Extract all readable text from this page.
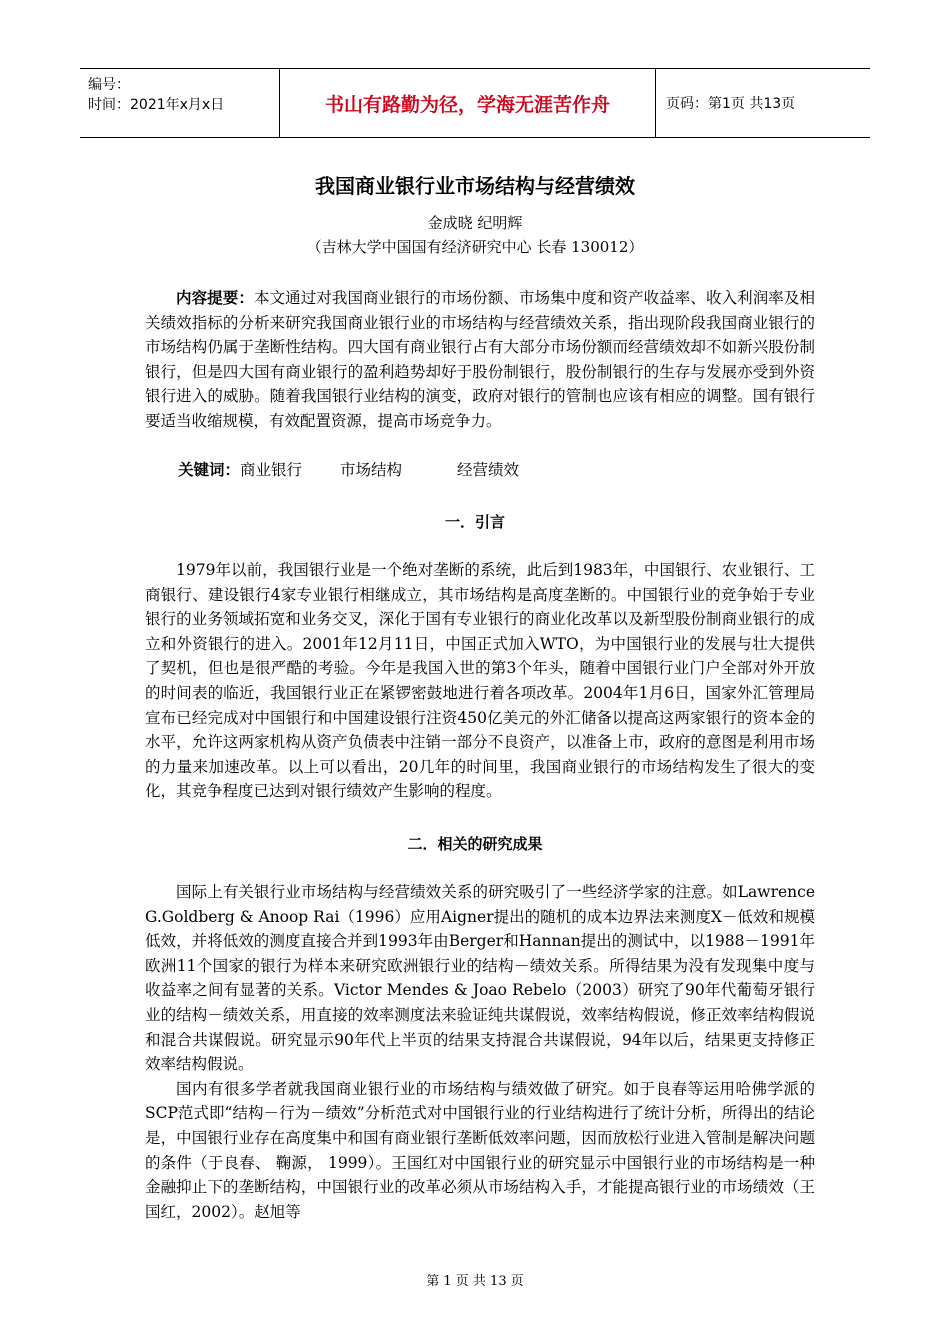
编号：
时间：2021年x月x日	书山有路勤为径，学海无涯苦作舟	页码：第1页 共13页
我国商业银行业市场结构与经营绩效
金成晓 纪明辉
（吉林大学中国国有经济研究中心 长春 130012）

内容提要：本文通过对我国商业银行的市场份额、市场集中度和资产收益率、收入利润率及相关绩效指标的分析来研究我国商业银行业的市场结构与经营绩效关系，指出现阶段我国商业银行的市场结构仍属于垄断性结构。四大国有商业银行占有大部分市场份额而经营绩效却不如新兴股份制银行，但是四大国有商业银行的盈利趋势却好于股份制银行，股份制银行的生存与发展亦受到外资银行进入的威胁。随着我国银行业结构的演变，政府对银行的管制也应该有相应的调整。国有银行要适当收缩规模，有效配置资源，提高市场竞争力。

关键词：商业银行 市场结构	经营绩效
一．引言

1979年以前，我国银行业是一个绝对垄断的系统，此后到1983年，中国银行、农业银行、工商银行、建设银行4家专业银行相继成立，其市场结构是高度垄断的。中国银行业的竞争始于专业银行的业务领域拓宽和业务交叉，深化于国有专业银行的商业化改革以及新型股份制商业银行的成立和外资银行的进入。2001年12月11日，中国正式加入WTO，为中国银行业的发展与壮大提供了契机，但也是很严酷的考验。今年是我国入世的第3个年头，随着中国银行业门户全部对外开放的时间表的临近，我国银行业正在紧锣密鼓地进行着各项改革。2004年1月6日，国家外汇管理局宣布已经完成对中国银行和中国建设银行注资450亿美元的外汇储备以提高这两家银行的资本金的水平，允许这两家机构从资产负债表中注销一部分不良资产，以准备上市，政府的意图是利用市场的力量来加速改革。以上可以看出，20几年的时间里，我国商业银行的市场结构发生了很大的变化，其竞争程度已达到对银行绩效产生影响的程度。

二．相关的研究成果

国际上有关银行业市场结构与经营绩效关系的研究吸引了一些经济学家的注意。如Lawrence G.Goldberg & Anoop Rai（1996）应用Aigner提出的随机的成本边界法来测度X－低效和规模低效，并将低效的测度直接合并到1993年由Berger和Hannan提出的测试中，以1988－1991年欧洲11个国家的银行为样本来研究欧洲银行业的结构－绩效关系。所得结果为没有发现集中度与收益率之间有显著的关系。Victor Mendes & Joao Rebelo（2003）研究了90年代葡萄牙银行业的结构－绩效关系，用直接的效率测度法来验证纯共谋假说，效率结构假说，修正效率结构假说和混合共谋假说。研究显示90年代上半页的结果支持混合共谋假说，94年以后，结果更支持修正效率结构假说。

国内有很多学者就我国商业银行业的市场结构与绩效做了研究。如于良春等运用哈佛学派的SCP范式即“结构－行为－绩效”分析范式对中国银行业的行业结构进行了统计分析，所得出的结论是，中国银行业存在高度集中和国有商业银行垄断低效率问题，因而放松行业进入管制是解决问题的条件（于良春、 鞠源， 1999）。王国红对中国银行业的研究显示中国银行业的市场结构是一种金融抑止下的垄断结构，中国银行业的改革必须从市场结构入手，才能提高银行业的市场绩效（王国红，2002）。赵旭等

第 1 页 共 13 页
